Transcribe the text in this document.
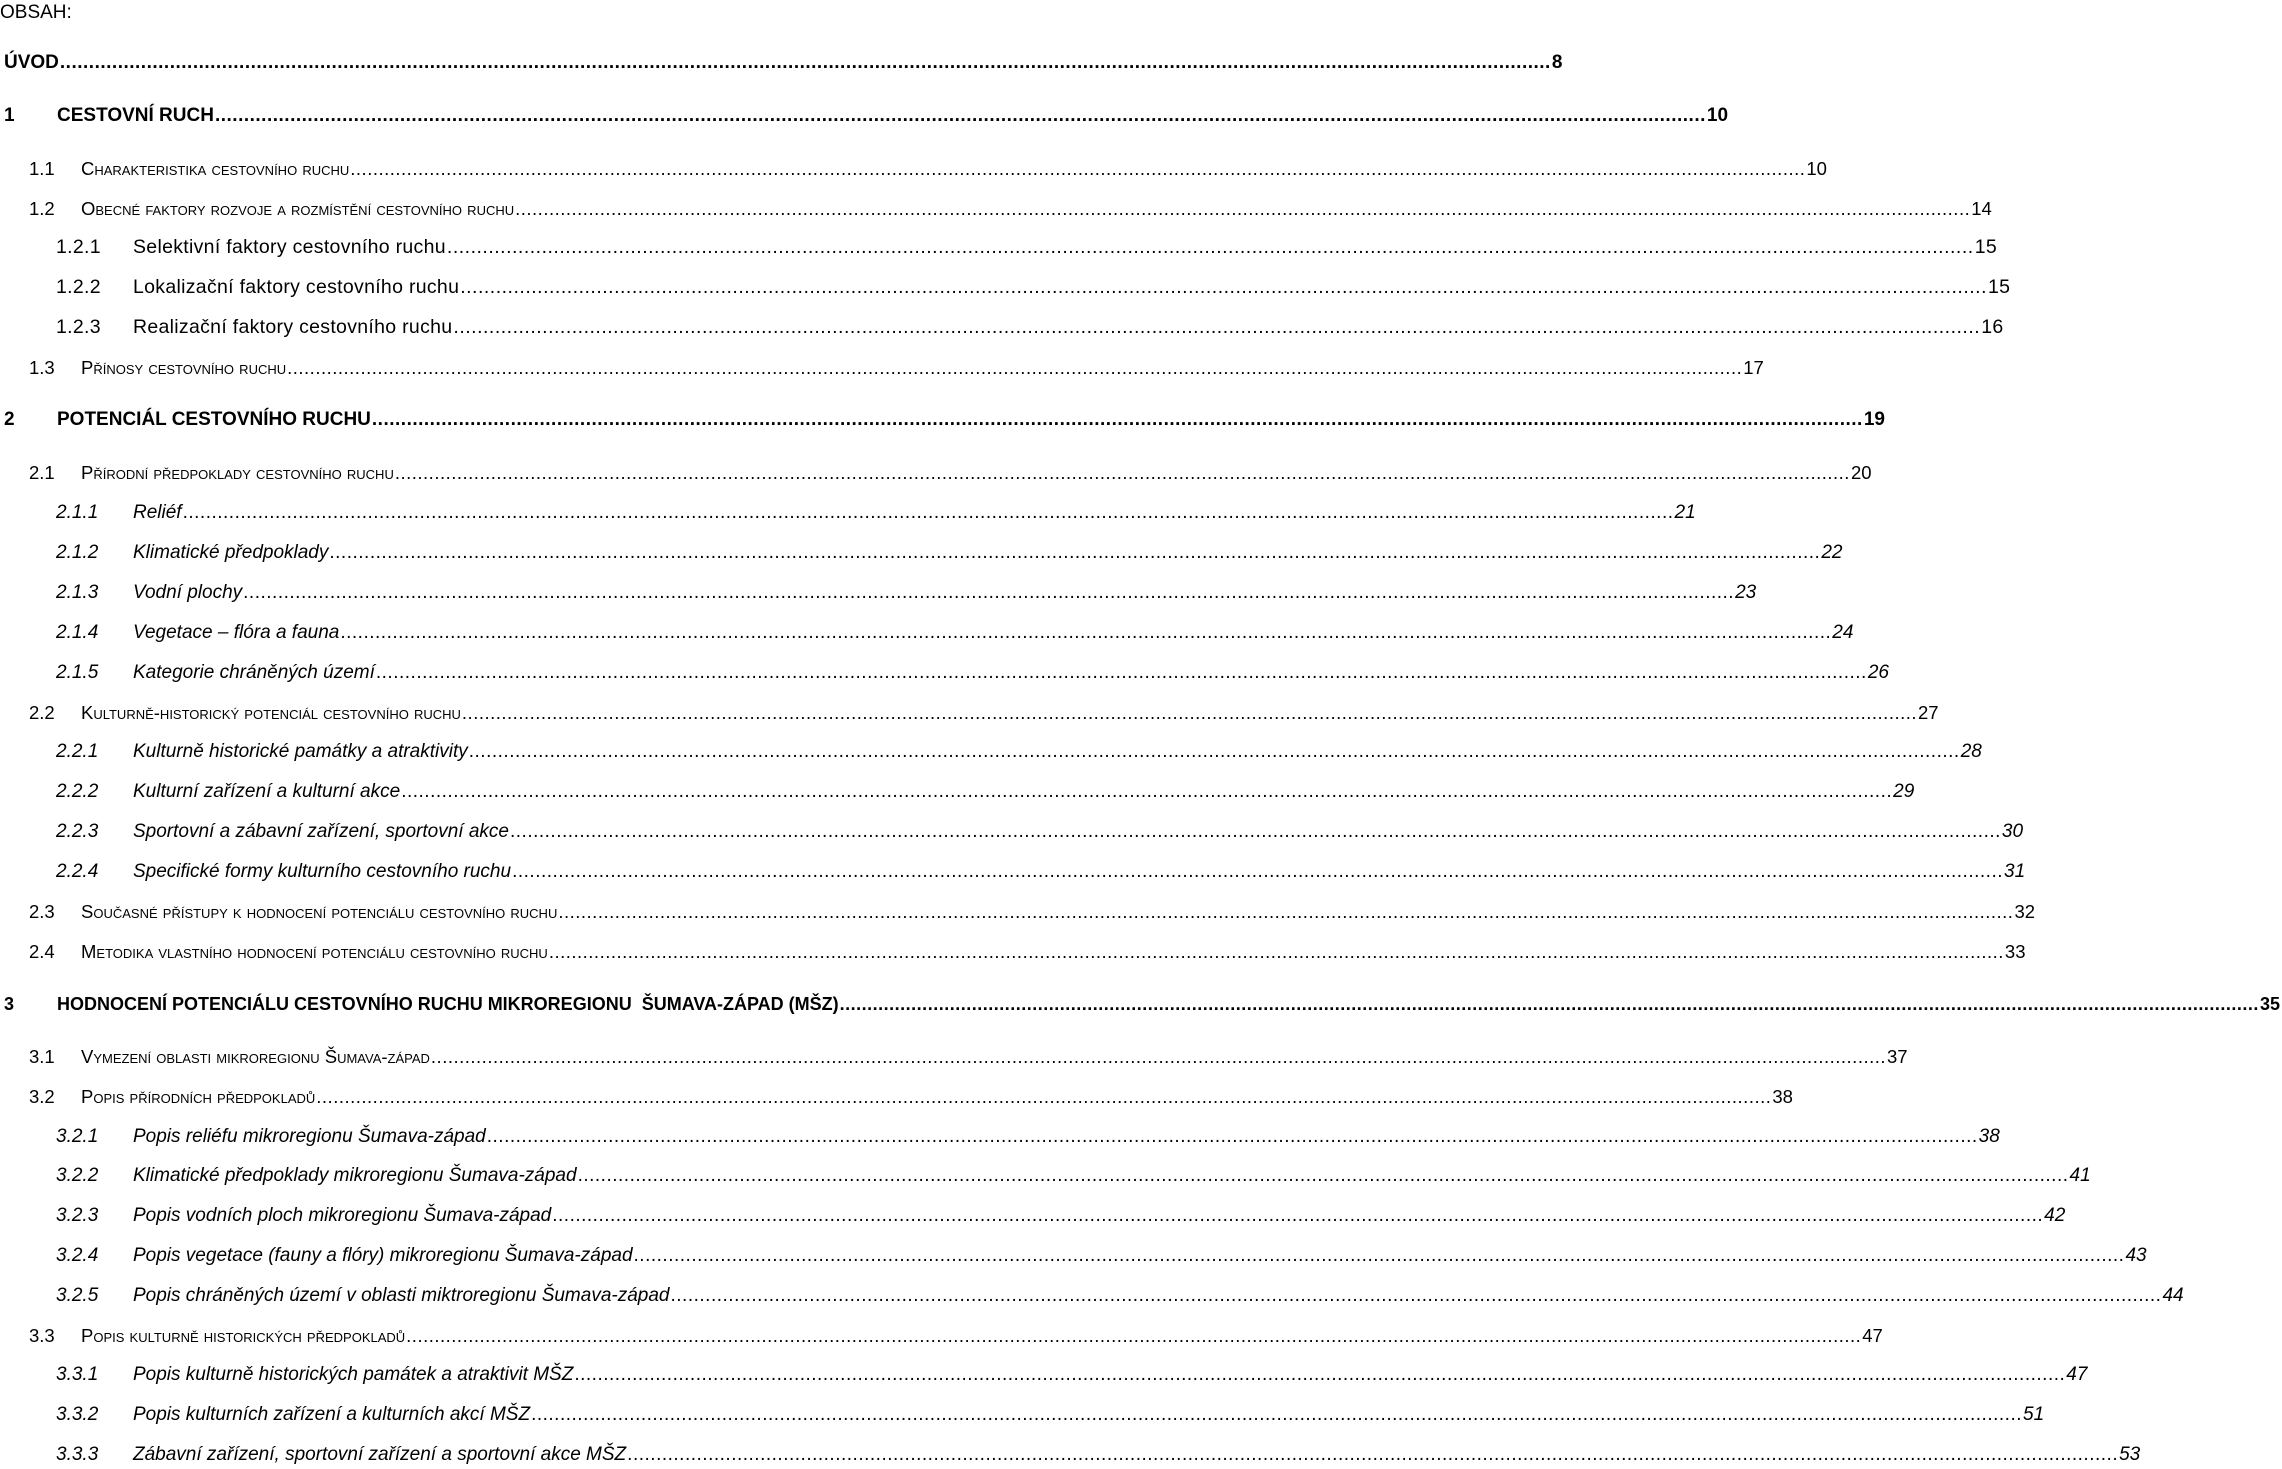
OBSAH:
ÚVOD .....	8
1	CESTOVNÍ RUCH .....	10
1.1	Charakteristika cestovního ruchu .....	10
1.2	Obecné faktory rozvoje a rozmístění cestovního ruchu .....	14
1.2.1	Selektivní faktory cestovního ruchu .....	15
1.2.2	Lokalizační faktory cestovního ruchu .....	15
1.2.3	Realizační faktory cestovního ruchu .....	16
1.3	Přínosy cestovního ruchu .....	17
2	POTENCIÁL CESTOVNÍHO RUCHU .....	19
2.1	Přírodní předpoklady cestovního ruchu .....	20
2.1.1	Reliéf .....	21
2.1.2	Klimatické předpoklady .....	22
2.1.3	Vodní plochy .....	23
2.1.4	Vegetace – flóra a fauna .....	24
2.1.5	Kategorie chráněných území .....	26
2.2	Kulturně-historický potenciál cestovního ruchu .....	27
2.2.1	Kulturně historické památky a atraktivity .....	28
2.2.2	Kulturní zařízení a kulturní akce .....	29
2.2.3	Sportovní a zábavní zařízení, sportovní akce .....	30
2.2.4	Specifické formy kulturního cestovního ruchu .....	31
2.3	Současné přístupy k hodnocení potenciálu cestovního ruchu .....	32
2.4	Metodika vlastního hodnocení potenciálu cestovního ruchu .....	33
3	HODNOCENÍ POTENCIÁLU CESTOVNÍHO RUCHU MIKROREGIONU  ŠUMAVA-ZÁPAD (MŠZ) .....	35
3.1	Vymezení oblasti mikroregionu Šumava-západ .....	37
3.2	Popis přírodních předpokladů .....	38
3.2.1	Popis reliéfu mikroregionu Šumava-západ .....	38
3.2.2	Klimatické předpoklady mikroregionu Šumava-západ .....	41
3.2.3	Popis vodních ploch mikroregionu Šumava-západ .....	42
3.2.4	Popis vegetace (fauny a flóry) mikroregionu Šumava-západ .....	43
3.2.5	Popis chráněných území v oblasti miktroregionu Šumava-západ .....	44
3.3	Popis kulturně historických předpokladů .....	47
3.3.1	Popis kulturně historických památek a atraktivit MŠZ .....	47
3.3.2	Popis kulturních zařízení a kulturních akcí MŠZ .....	51
3.3.3	Zábavní zařízení, sportovní zařízení a sportovní akce MŠZ .....	53
